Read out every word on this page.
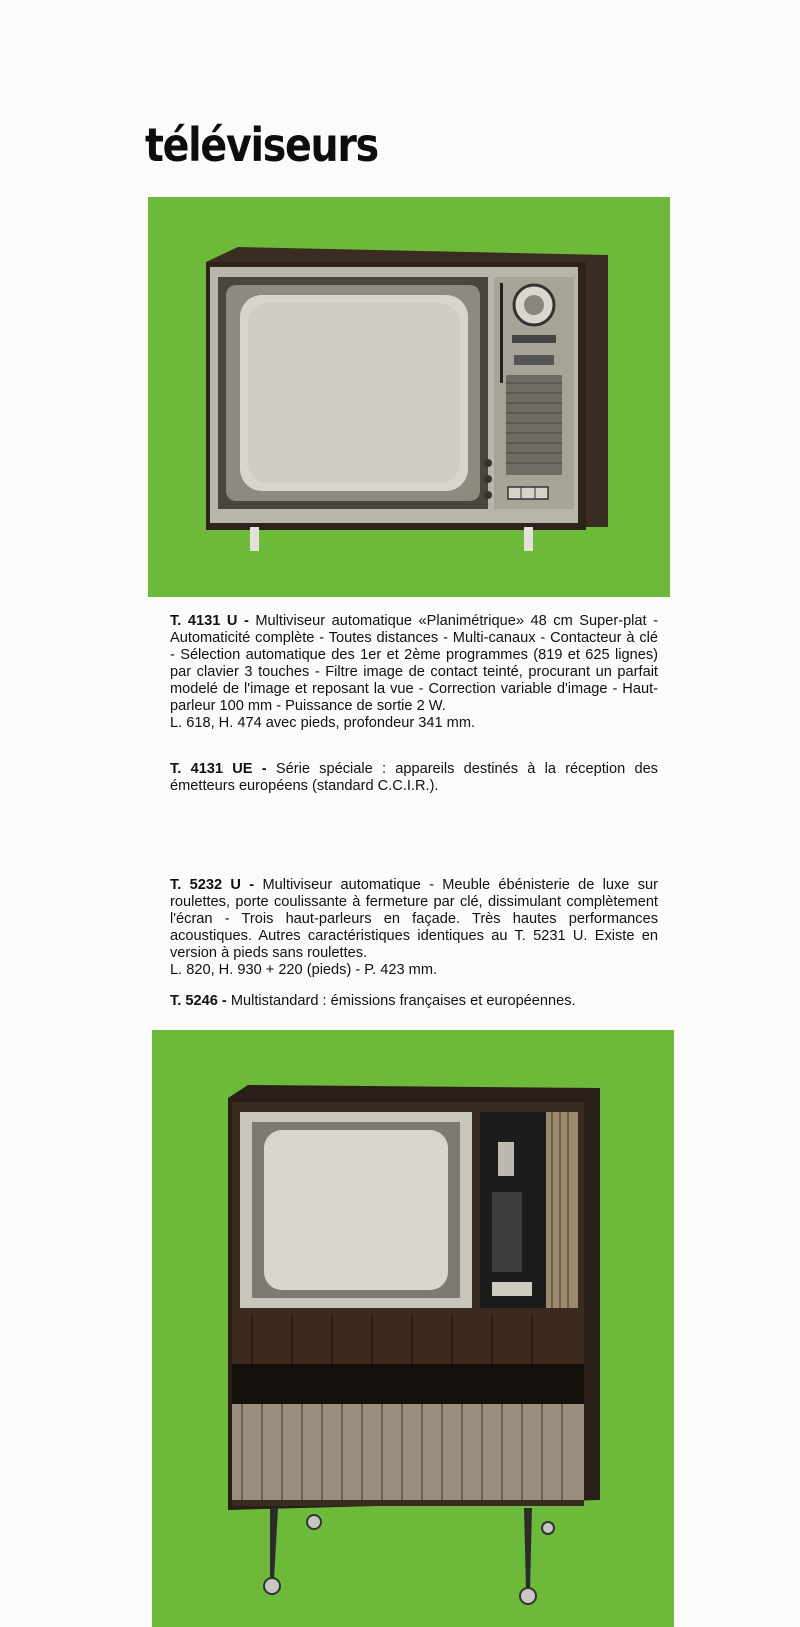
téléviseurs

T. 4131 U - Multiviseur automatique «Planimétrique» 48 cm Super-plat - Automaticité complète - Toutes distances - Multi-canaux - Contacteur à clé - Sélection automatique des 1er et 2ème programmes (819 et 625 lignes) par clavier 3 touches - Filtre image de contact teinté, procurant un parfait modelé de l'image et reposant la vue - Correction variable d'image - Haut-parleur 100 mm - Puissance de sortie 2 W.

L. 618, H. 474 avec pieds, profondeur 341 mm.

T. 4131 UE - Série spéciale : appareils destinés à la réception des émetteurs européens (standard C.C.I.R.).

T. 5232 U - Multiviseur automatique - Meuble ébénisterie de luxe sur roulettes, porte coulissante à fermeture par clé, dissimulant complètement l'écran - Trois haut-parleurs en façade. Très hautes performances acoustiques. Autres caractéristiques identiques au T. 5231 U. Existe en version à pieds sans roulettes.

L. 820, H. 930 + 220 (pieds) - P. 423 mm.

T. 5246 - Multistandard : émissions françaises et européennes.
